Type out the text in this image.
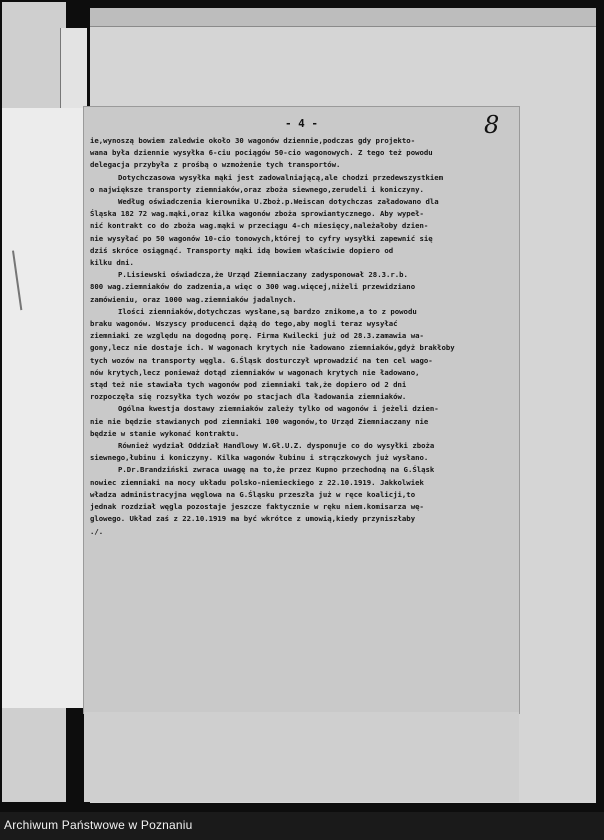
- 4 -	8
ie,wynoszą bowiem zaledwie około 30 wagonów dziennie,podczas gdy projekto-
wana była dziennie wysyłka 6-ciu pociągów 50-cio wagonowych. Z tego też powodu
delegacja przybyła z prośbą o wzmożenie tych transportów.
Dotychczasowa wysyłka mąki jest zadowalniającą,ale chodzi przedewszystkiem
o największe transporty ziemniaków,oraz zboża siewnego,zerudeli i koniczyny.
Według oświadczenia kierownika U.Zboż.p.Weiscan dotychczas załadowano dla
Śląska 182 72 wag.mąki,oraz kilka wagonów zboża sprowiantycznego. Aby wypeł-
nić kontrakt co do zboża wag.mąki w przeciągu 4-ch miesięcy,należałoby dzien-
nie wysyłać po 50 wagonów 10-cio tonowych,której to cyfry wysyłki zapewnić się
dziś skróce osiągnąć. Transporty mąki idą bowiem właściwie dopiero od
kilku dni.
P.Lisiewski oświadcza,że Urząd Ziemniaczany zadysponował 28.3.r.b.
800 wag.ziemniaków do zadzenia,a więc o 300 wag.więcej,niżeli przewidziano
zamówieniu, oraz 1000 wag.ziemniaków jadalnych.
Ilości ziemniaków,dotychczas wysłane,są bardzo znikome,a to z powodu
braku wagonów. Wszyscy producenci dążą do tego,aby mogli teraz wysyłać
ziemniaki ze względu na dogodną porę. Firma Kwilecki już od 28.3.zamawia wa-
gony,lecz nie dostaje ich. W wagonach krytych nie ładowano ziemniaków,gdyż brakłoby
tych wozów na transporty węgla. G.Śląsk dosturczył wprowadzić na ten cel wago-
nów krytych,lecz ponieważ dotąd ziemniaków w wagonach krytych nie ładowano,
stąd też nie stawiała tych wagonów pod ziemniaki tak,że dopiero od 2 dni
rozpoczęła się rozsyłka tych wozów po stacjach dla ładowania ziemniaków.
Ogólna kwestja dostawy ziemniaków zależy tylko od wagonów i jeżeli dzien-
nie nie będzie stawianych pod ziemniaki 100 wagonów,to Urząd Ziemniaczany nie
będzie w stanie wykonać kontraktu.
Również wydział Oddział Handlowy W.Gł.U.Z. dysponuje co do wysyłki zboża
siewnego,łubinu i koniczyny. Kilka wagonów łubinu i strączkowych już wysłano.
P.Dr.Brandziński zwraca uwagę na to,że przez Kupno przechodną na G.Śląsk
nowiec ziemniaki na mocy układu polsko-niemieckiego z 22.10.1919. Jakkolwiek
władza administracyjna węglowa na G.Śląsku przeszła już w ręce koalicji,to
jednak rozdział węgla pozostaje jeszcze faktycznie w ręku niem.komisarza wę-
glowego. Układ zaś z 22.10.1919 ma być wkrótce z umowią,kiedy przyniszłaby
./.
Archiwum Państwowe w Poznaniu
